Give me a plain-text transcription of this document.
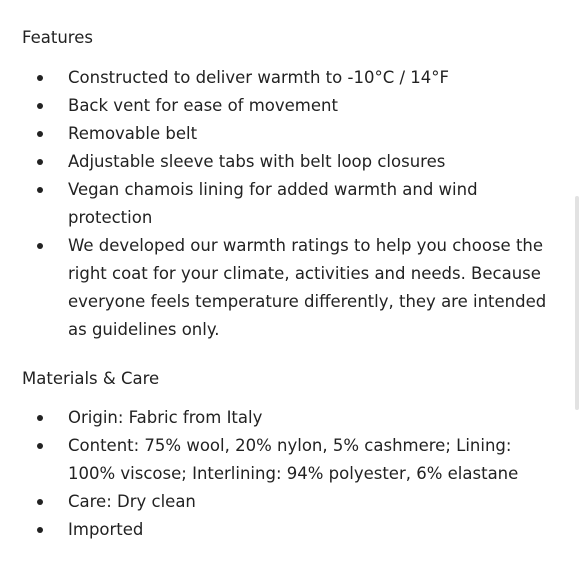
Features
Constructed to deliver warmth to -10°C / 14°F
Back vent for ease of movement
Removable belt
Adjustable sleeve tabs with belt loop closures
Vegan chamois lining for added warmth and wind protection
We developed our warmth ratings to help you choose the right coat for your climate, activities and needs. Because everyone feels temperature differently, they are intended as guidelines only.
Materials & Care
Origin: Fabric from Italy
Content: 75% wool, 20% nylon, 5% cashmere; Lining: 100% viscose; Interlining: 94% polyester, 6% elastane
Care: Dry clean
Imported
